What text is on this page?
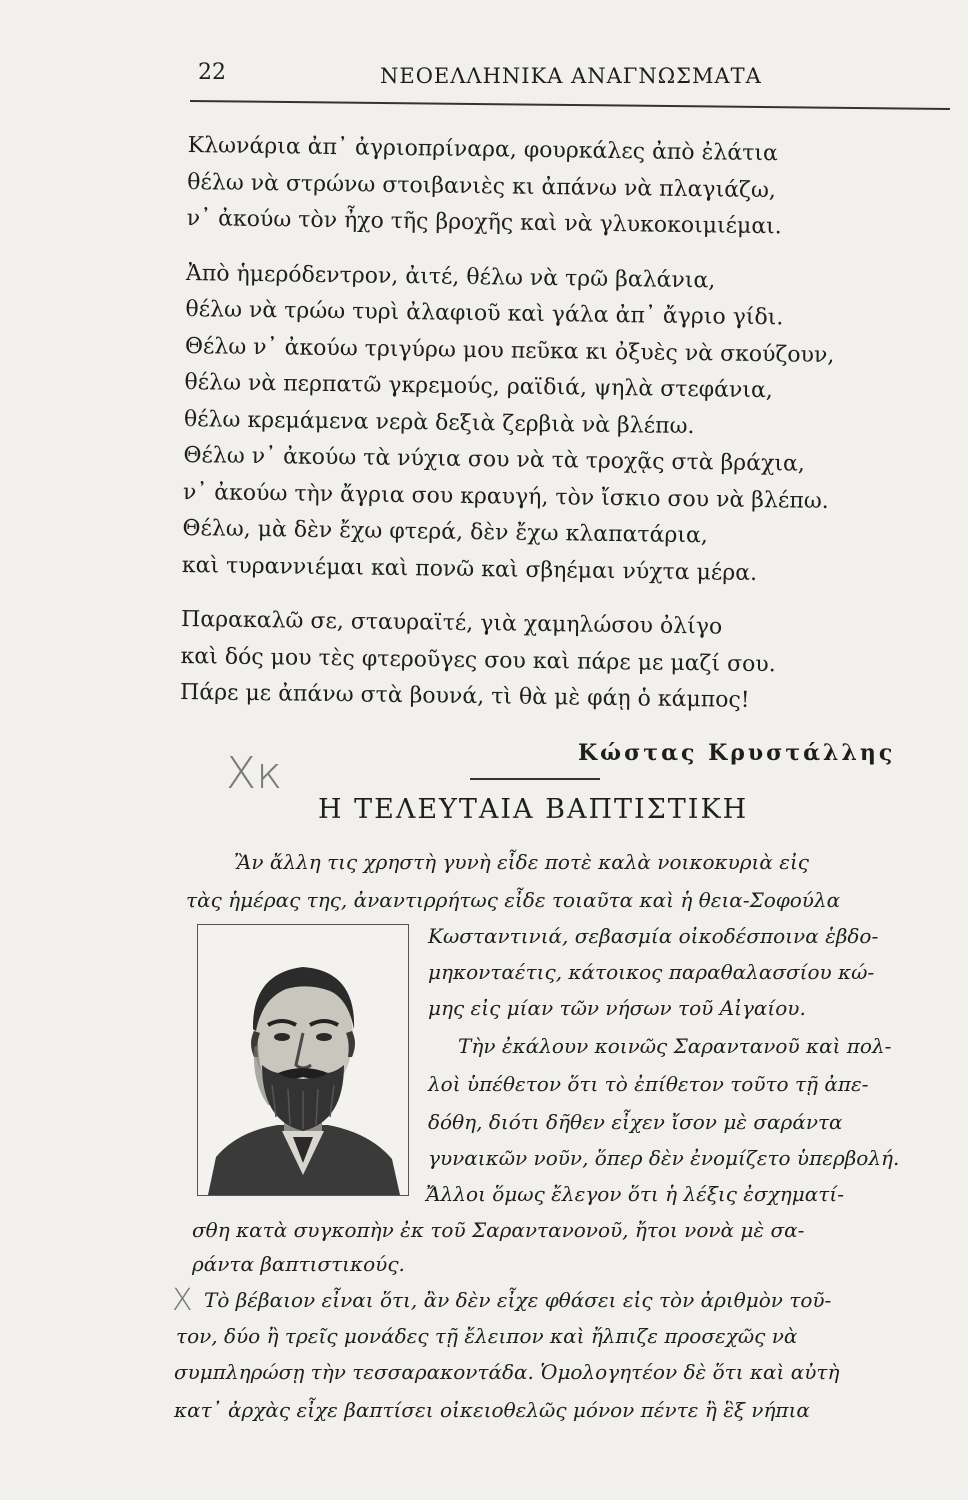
22	ΝΕΟΕΛΛΗΝΙΚΑ ΑΝΑΓΝΩΣΜΑΤΑ
Κλωνάρια ἀπ᾽ ἀγριοπρίναρα, φουρκάλες ἀπὸ ἐλάτια
θέλω νὰ στρώνω στοιβανιὲς κι ἀπάνω νὰ πλαγιάζω,
ν᾽ ἀκούω τὸν ἦχο τῆς βροχῆς καὶ νὰ γλυκοκοιμιέμαι.
Ἀπὸ ἡμερόδεντρον, ἀιτέ, θέλω νὰ τρῶ βαλάνια,
θέλω νὰ τρώω τυρὶ ἀλαφιοῦ καὶ γάλα ἀπ᾽ ἄγριο γίδι.
Θέλω ν᾽ ἀκούω τριγύρω μου πεῦκα κι ὀξυὲς νὰ σκούζουν,
θέλω νὰ περπατῶ γκρεμούς, ραϊδιά, ψηλὰ στεφάνια,
θέλω κρεμάμενα νερὰ δεξιὰ ζερβιὰ νὰ βλέπω.
Θέλω ν᾽ ἀκούω τὰ νύχια σου νὰ τὰ τροχᾷς στὰ βράχια,
ν᾽ ἀκούω τὴν ἄγρια σου κραυγή, τὸν ἴσκιο σου νὰ βλέπω.
Θέλω, μὰ δὲν ἔχω φτερά, δὲν ἔχω κλαπατάρια,
καὶ τυραννιέμαι καὶ πονῶ καὶ σβηέμαι νύχτα μέρα.
Παρακαλῶ σε, σταυραϊτέ, γιὰ χαμηλώσου ὀλίγο
καὶ δός μου τὲς φτεροῦγες σου καὶ πάρε με μαζί σου.
Πάρε με ἀπάνω στὰ βουνά, τὶ θὰ μὲ φάῃ ὁ κάμπος!
Κώστας Κρυστάλλης
Χκ
Η ΤΕΛΕΥΤΑΙΑ ΒΑΠΤΙΣΤΙΚΗ
Ἂν ἄλλη τις χρηστὴ γυνὴ εἶδε ποτὲ καλὰ νοικοκυριὰ εἰς
τὰς ἡμέρας της, ἀναντιρρήτως εἶδε τοιαῦτα καὶ ἡ θεια-Σοφούλα
Κωσταντινιά, σεβασμία οἰκοδέσποινα ἑβδο-
μηκονταέτις, κάτοικος παραθαλασσίου κώ-
μης εἰς μίαν τῶν νήσων τοῦ Αἰγαίου.
Τὴν ἐκάλουν κοινῶς Σαραντανοῦ καὶ πολ-
λοὶ ὑπέθετον ὅτι τὸ ἐπίθετον τοῦτο τῇ ἀπε-
δόθη, διότι δῆθεν εἶχεν ἴσον μὲ σαράντα
γυναικῶν νοῦν, ὅπερ δὲν ἐνομίζετο ὑπερβολή.
Ἄλλοι ὅμως ἔλεγον ὅτι ἡ λέξις ἐσχηματί-
σθη κατὰ συγκοπὴν ἐκ τοῦ Σαραντανονοῦ, ἤτοι νονὰ μὲ σα-
ράντα βαπτιστικούς.
Τὸ βέβαιον εἶναι ὅτι, ἂν δὲν εἶχε φθάσει εἰς τὸν ἀριθμὸν τοῦ-
τον, δύο ἢ τρεῖς μονάδες τῇ ἔλειπον καὶ ἤλπιζε προσεχῶς νὰ
συμπληρώσῃ τὴν τεσσαρακοντάδα. Ὁμολογητέον δὲ ὅτι καὶ αὐτὴ
κατ᾽ ἀρχὰς εἶχε βαπτίσει οἰκειοθελῶς μόνον πέντε ἢ ἓξ νήπια
Χ
